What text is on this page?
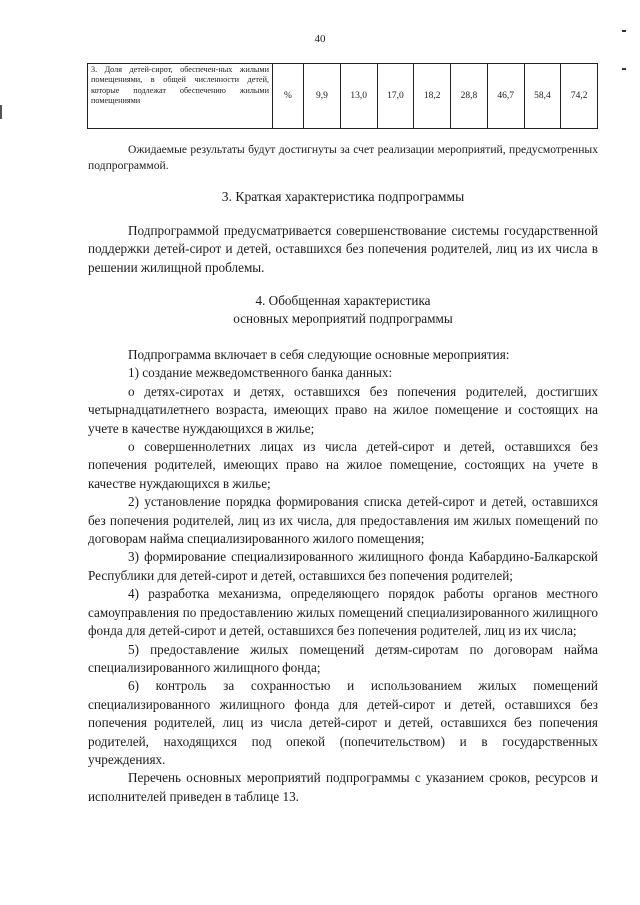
40
3. Доля детей-сирот, обеспечен-ных жилыми помещениями, в общей численности детей, которые подлежат обеспечению жилыми помещениями	%	9,9	13,0	17,0	18,2	28,8	46,7	58,4	74,2

Ожидаемые результаты будут достигнуты за счет реализации мероприятий, предусмотренных подпрограммой.

3. Краткая характеристика подпрограммы

Подпрограммой предусматривается совершенствование системы государственной поддержки детей-сирот и детей, оставшихся без попечения родителей, лиц из их числа в решении жилищной проблемы.

4. Обобщенная характеристика

основных мероприятий подпрограммы

Подпрограмма включает в себя следующие основные мероприятия:

1) создание межведомственного банка данных:

о детях-сиротах и детях, оставшихся без попечения родителей, достигших четырнадцатилетнего возраста, имеющих право на жилое помещение и состоящих на учете в качестве нуждающихся в жилье;

о совершеннолетних лицах из числа детей-сирот и детей, оставшихся без попечения родителей, имеющих право на жилое помещение, состоящих на учете в качестве нуждающихся в жилье;

2) установление порядка формирования списка детей-сирот и детей, оставшихся без попечения родителей, лиц из их числа, для предоставления им жилых помещений по договорам найма специализированного жилого помещения;

3) формирование специализированного жилищного фонда Кабардино-Балкарской Республики для детей-сирот и детей, оставшихся без попечения родителей;

4) разработка механизма, определяющего порядок работы органов местного самоуправления по предоставлению жилых помещений специализированного жилищного фонда для детей-сирот и детей, оставшихся без попечения родителей, лиц из их числа;

5) предоставление жилых помещений детям-сиротам по договорам найма специализированного жилищного фонда;

6) контроль за сохранностью и использованием жилых помещений специализированного жилищного фонда для детей-сирот и детей, оставшихся без попечения родителей, лиц из числа детей-сирот и детей, оставшихся без попечения родителей, находящихся под опекой (попечительством) и в государственных учреждениях.

Перечень основных мероприятий подпрограммы с указанием сроков, ресурсов и исполнителей приведен в таблице 13.
